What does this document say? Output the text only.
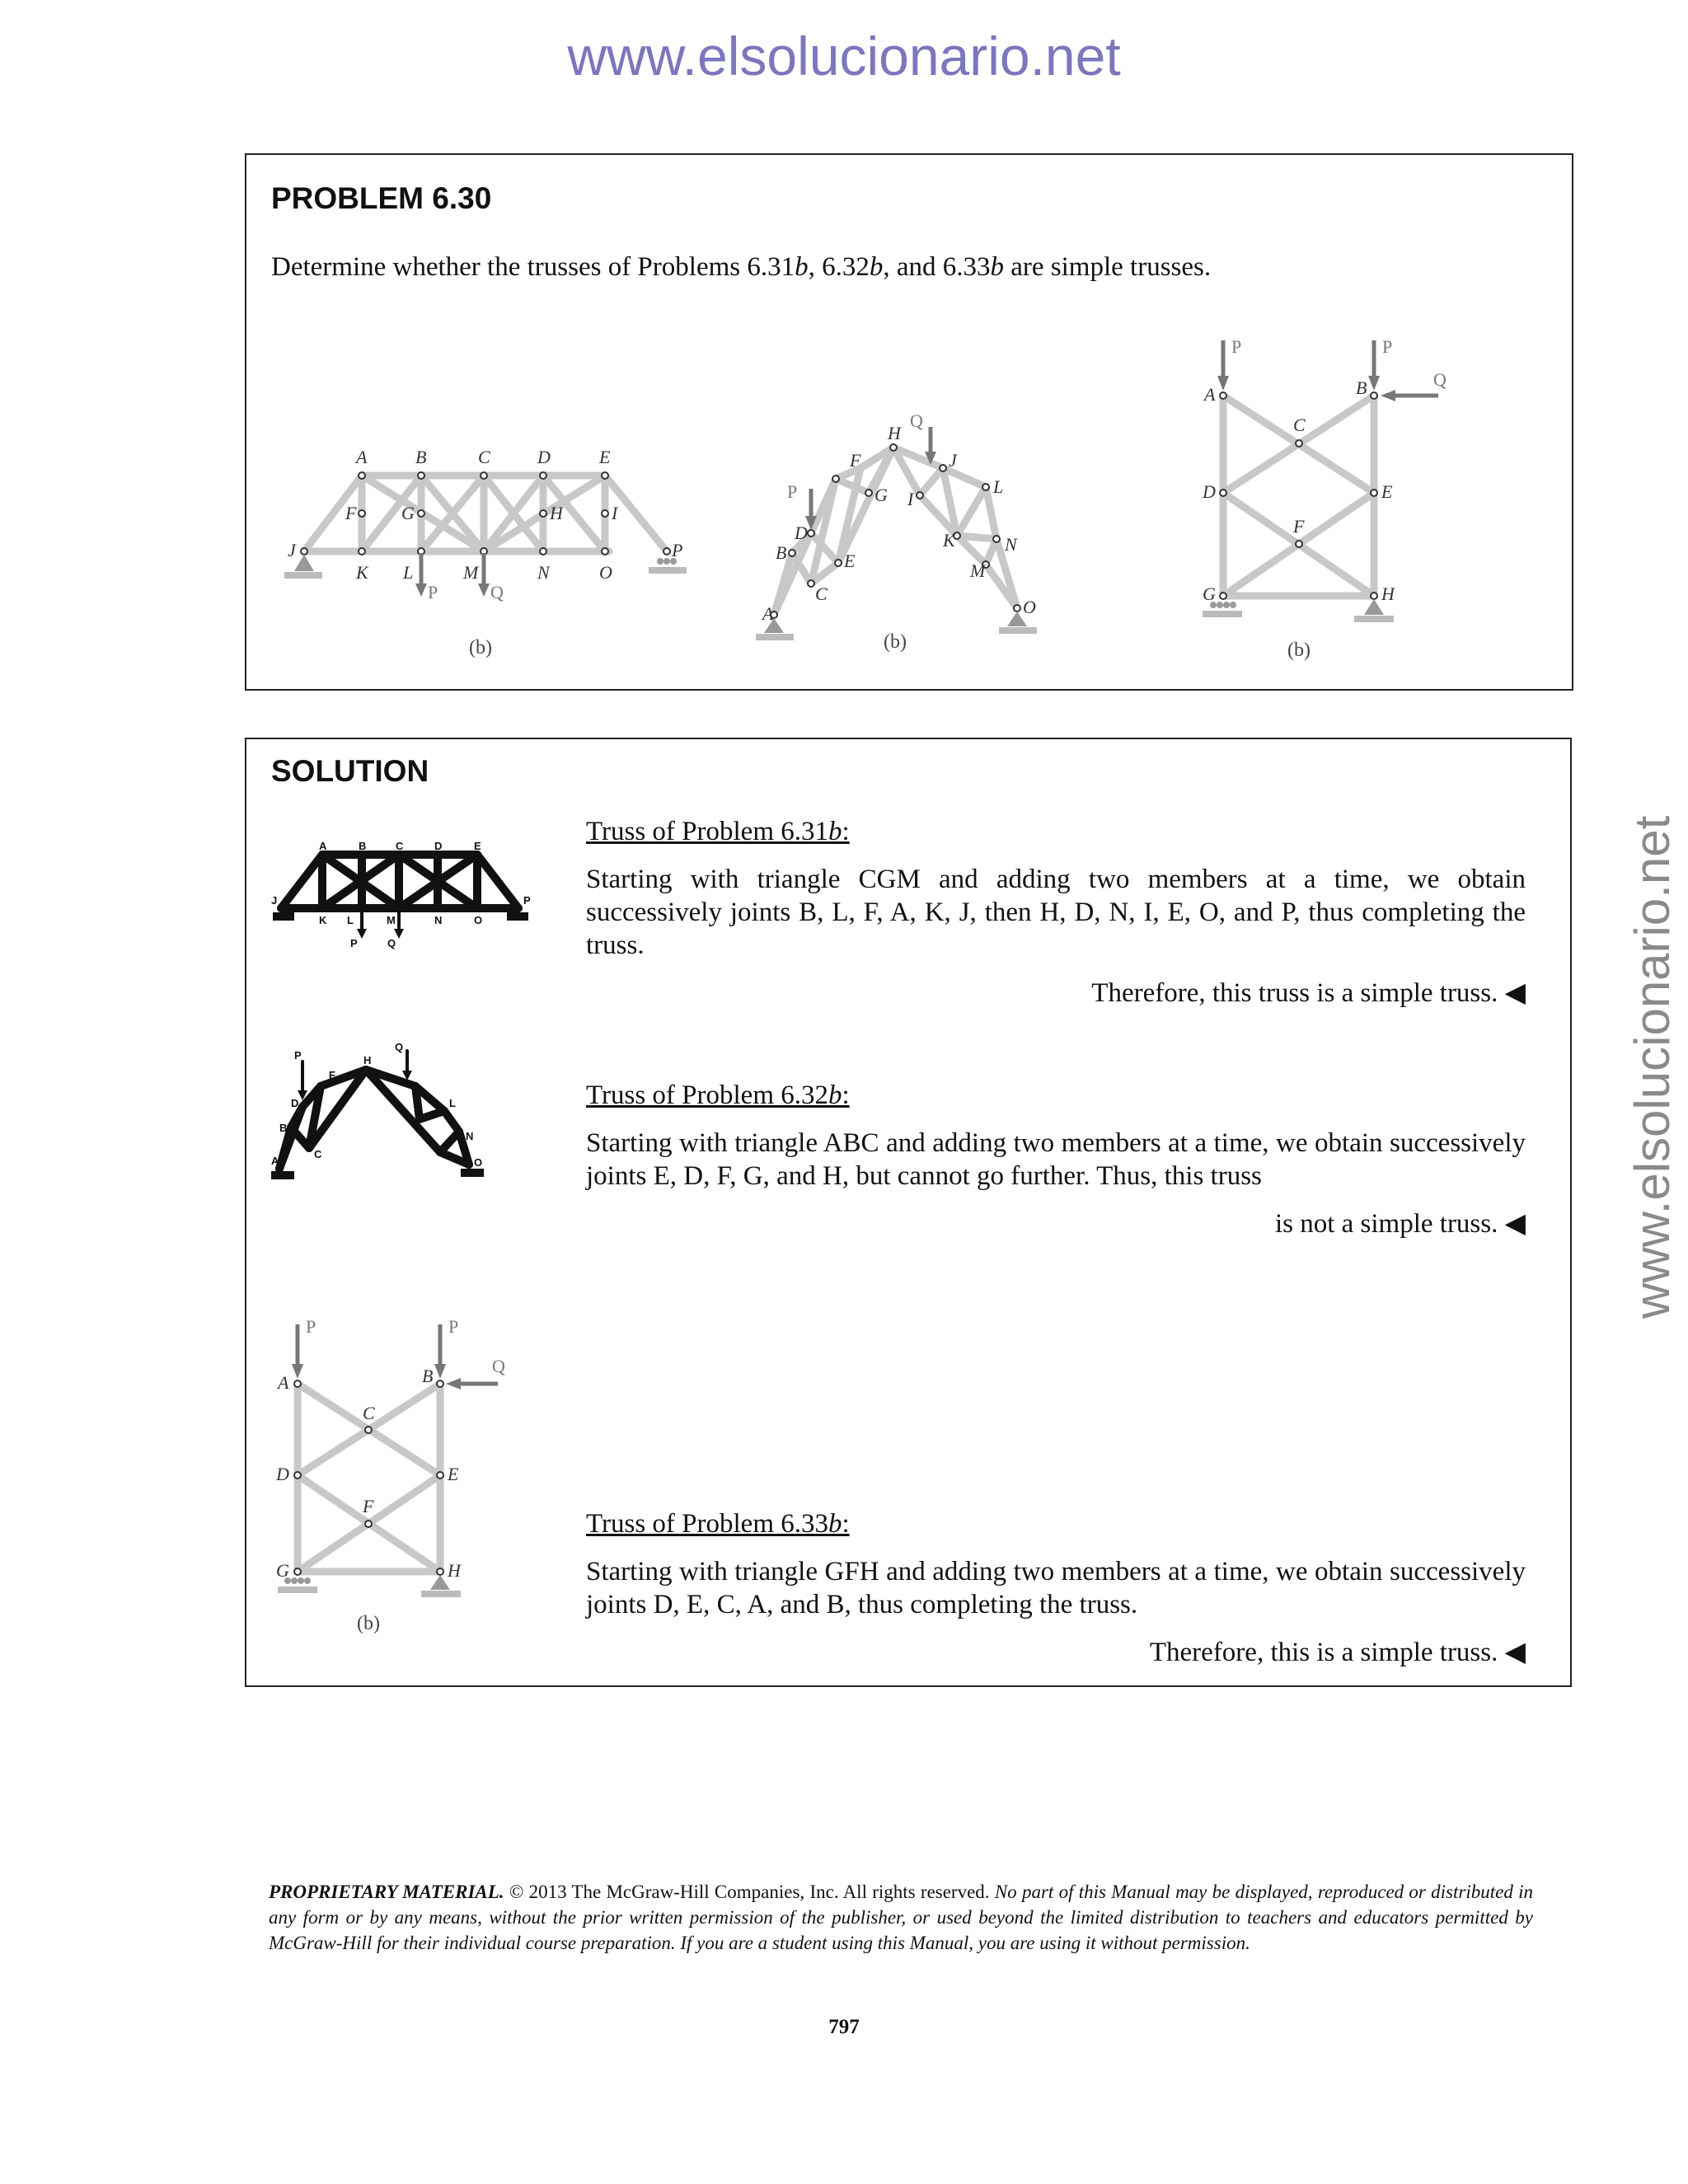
www.elsolucionario.net
www.elsolucionario.net
PROBLEM 6.30
Determine whether the trusses of Problems 6.31b, 6.32b, and 6.33b are simple trusses.
A	B	C	D	E
F G	H	I
J
K L	M	N	O
P
P	Q
(b)
A
B
C
D
E
F
G
H
I
J
K
L
M
N
O
P
Q
(b)
A	B
C
D	E
F
G	H
P	P
Q
(b)
SOLUTION
A	B	C	D	E
J
K L	M	N	O
P
P	Q
P
Q
A
B
C
D
F
H
L
N
O
A	B
C
D	E
F
G	H
P	P
Q
(b)
Truss of Problem 6.31b:
Starting with triangle CGM and adding two members at a time, we obtain successively joints B, L, F, A, K, J, then H, D, N, I, E, O, and P, thus completing the truss.
Therefore, this truss is a simple truss. ◀
Truss of Problem 6.32b:
Starting with triangle ABC and adding two members at a time, we obtain successively joints E, D, F, G, and H, but cannot go further. Thus, this truss
is not a simple truss. ◀
Truss of Problem 6.33b:
Starting with triangle GFH and adding two members at a time, we obtain successively joints D, E, C, A, and B, thus completing the truss.
Therefore, this is a simple truss. ◀
PROPRIETARY MATERIAL. © 2013 The McGraw-Hill Companies, Inc. All rights reserved. No part of this Manual may be displayed, reproduced or distributed in any form or by any means, without the prior written permission of the publisher, or used beyond the limited distribution to teachers and educators permitted by McGraw-Hill for their individual course preparation. If you are a student using this Manual, you are using it without permission.
797
